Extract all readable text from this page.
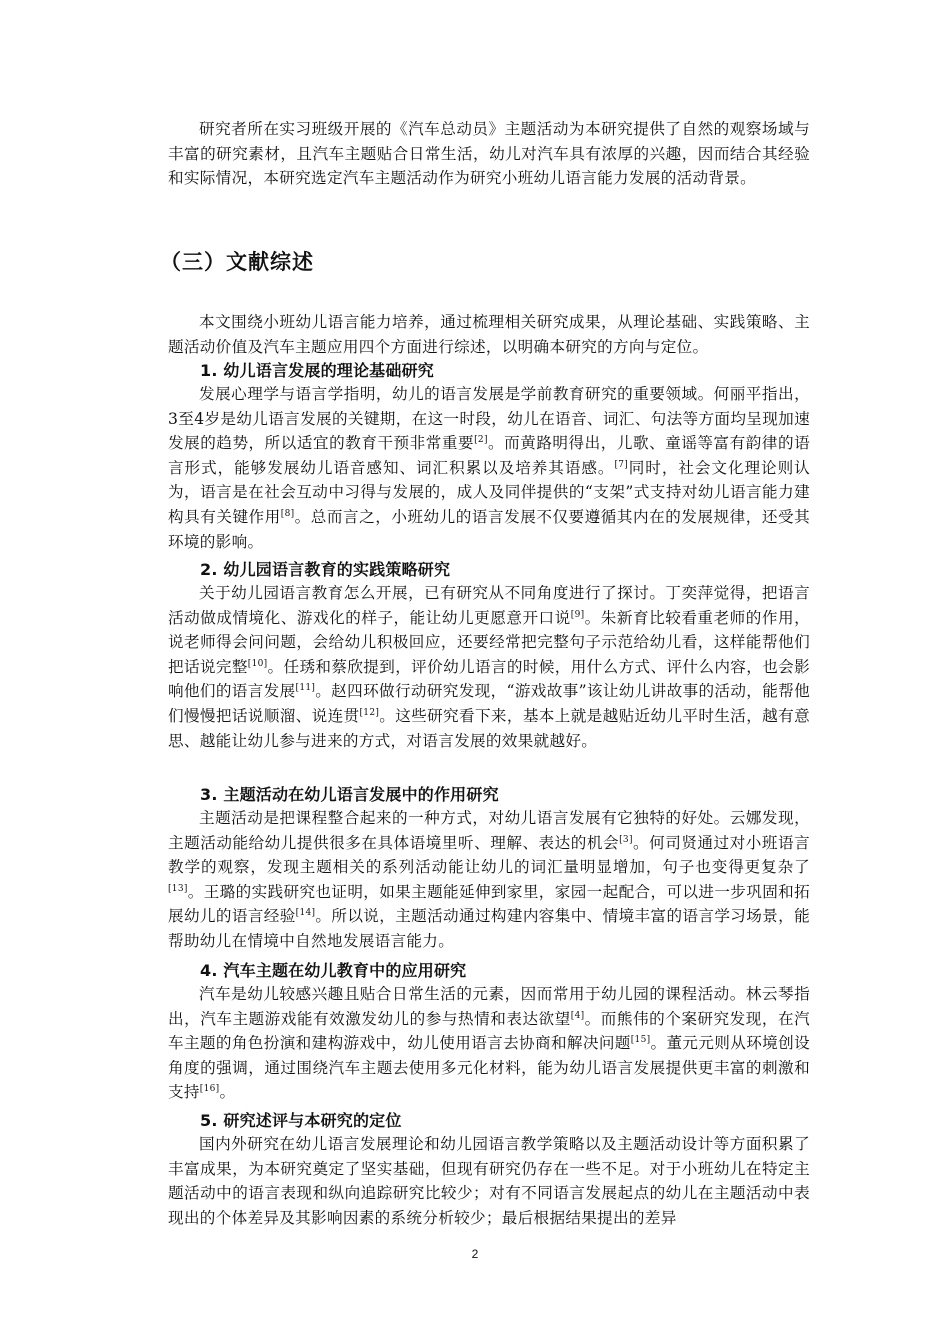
研究者所在实习班级开展的《汽车总动员》主题活动为本研究提供了自然的观察场域与丰富的研究素材，且汽车主题贴合日常生活，幼儿对汽车具有浓厚的兴趣，因而结合其经验和实际情况，本研究选定汽车主题活动作为研究小班幼儿语言能力发展的活动背景。

（三）文献综述

本文围绕小班幼儿语言能力培养，通过梳理相关研究成果，从理论基础、实践策略、主题活动价值及汽车主题应用四个方面进行综述，以明确本研究的方向与定位。

1. 幼儿语言发展的理论基础研究

发展心理学与语言学指明，幼儿的语言发展是学前教育研究的重要领域。何丽平指出，3至4岁是幼儿语言发展的关键期，在这一时段，幼儿在语音、词汇、句法等方面均呈现加速发展的趋势，所以适宜的教育干预非常重要[2]。而黄路明得出，儿歌、童谣等富有韵律的语言形式，能够发展幼儿语音感知、词汇积累以及培养其语感。[7]同时，社会文化理论则认为，语言是在社会互动中习得与发展的，成人及同伴提供的“支架”式支持对幼儿语言能力建构具有关键作用[8]。总而言之，小班幼儿的语言发展不仅要遵循其内在的发展规律，还受其环境的影响。

2. 幼儿园语言教育的实践策略研究

关于幼儿园语言教育怎么开展，已有研究从不同角度进行了探讨。丁奕萍觉得，把语言活动做成情境化、游戏化的样子，能让幼儿更愿意开口说[9]。朱新育比较看重老师的作用，说老师得会问问题，会给幼儿积极回应，还要经常把完整句子示范给幼儿看，这样能帮他们把话说完整[10]。任琇和蔡欣提到，评价幼儿语言的时候，用什么方式、评什么内容，也会影响他们的语言发展[11]。赵四环做行动研究发现，“游戏故事”该让幼儿讲故事的活动，能帮他们慢慢把话说顺溜、说连贯[12]。这些研究看下来，基本上就是越贴近幼儿平时生活，越有意思、越能让幼儿参与进来的方式，对语言发展的效果就越好。

3. 主题活动在幼儿语言发展中的作用研究

主题活动是把课程整合起来的一种方式，对幼儿语言发展有它独特的好处。云娜发现，主题活动能给幼儿提供很多在具体语境里听、理解、表达的机会[3]。何司贤通过对小班语言教学的观察，发现主题相关的系列活动能让幼儿的词汇量明显增加，句子也变得更复杂了[13]。王璐的实践研究也证明，如果主题能延伸到家里，家园一起配合，可以进一步巩固和拓展幼儿的语言经验[14]。所以说，主题活动通过构建内容集中、情境丰富的语言学习场景，能帮助幼儿在情境中自然地发展语言能力。

4. 汽车主题在幼儿教育中的应用研究

汽车是幼儿较感兴趣且贴合日常生活的元素，因而常用于幼儿园的课程活动。林云琴指出，汽车主题游戏能有效激发幼儿的参与热情和表达欲望[4]。而熊伟的个案研究发现，在汽车主题的角色扮演和建构游戏中，幼儿使用语言去协商和解决问题[15]。董元元则从环境创设角度的强调，通过围绕汽车主题去使用多元化材料，能为幼儿语言发展提供更丰富的刺激和支持[16]。

5. 研究述评与本研究的定位

国内外研究在幼儿语言发展理论和幼儿园语言教学策略以及主题活动设计等方面积累了丰富成果，为本研究奠定了坚实基础，但现有研究仍存在一些不足。对于小班幼儿在特定主题活动中的语言表现和纵向追踪研究比较少；对有不同语言发展起点的幼儿在主题活动中表现出的个体差异及其影响因素的系统分析较少；最后根据结果提出的差异

2
